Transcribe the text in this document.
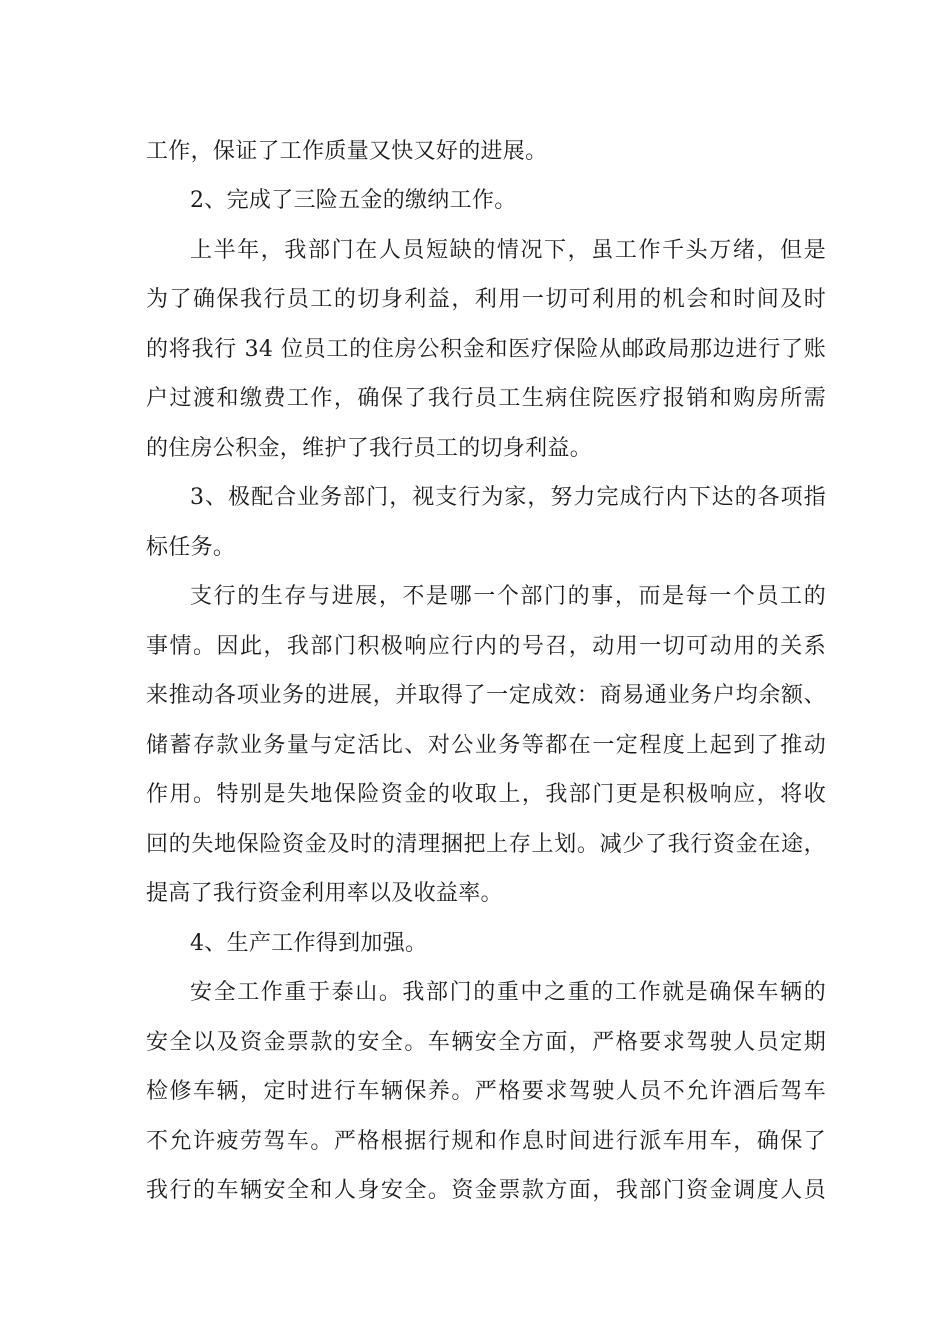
工作，保证了工作质量又快又好的进展。
2、完成了三险五金的缴纳工作。
上半年，我部门在人员短缺的情况下，虽工作千头万绪，但是
为了确保我行员工的切身利益，利用一切可利用的机会和时间及时
的将我行 34 位员工的住房公积金和医疗保险从邮政局那边进行了账
户过渡和缴费工作，确保了我行员工生病住院医疗报销和购房所需
的住房公积金，维护了我行员工的切身利益。
3、极配合业务部门，视支行为家，努力完成行内下达的各项指
标任务。
支行的生存与进展，不是哪一个部门的事，而是每一个员工的
事情。因此，我部门积极响应行内的号召，动用一切可动用的关系
来推动各项业务的进展，并取得了一定成效：商易通业务户均余额、
储蓄存款业务量与定活比、对公业务等都在一定程度上起到了推动
作用。特别是失地保险资金的收取上，我部门更是积极响应，将收
回的失地保险资金及时的清理捆把上存上划。减少了我行资金在途，
提高了我行资金利用率以及收益率。
4、生产工作得到加强。
安全工作重于泰山。我部门的重中之重的工作就是确保车辆的
安全以及资金票款的安全。车辆安全方面，严格要求驾驶人员定期
检修车辆，定时进行车辆保养。严格要求驾驶人员不允许酒后驾车
不允许疲劳驾车。严格根据行规和作息时间进行派车用车，确保了
我行的车辆安全和人身安全。资金票款方面，我部门资金调度人员
